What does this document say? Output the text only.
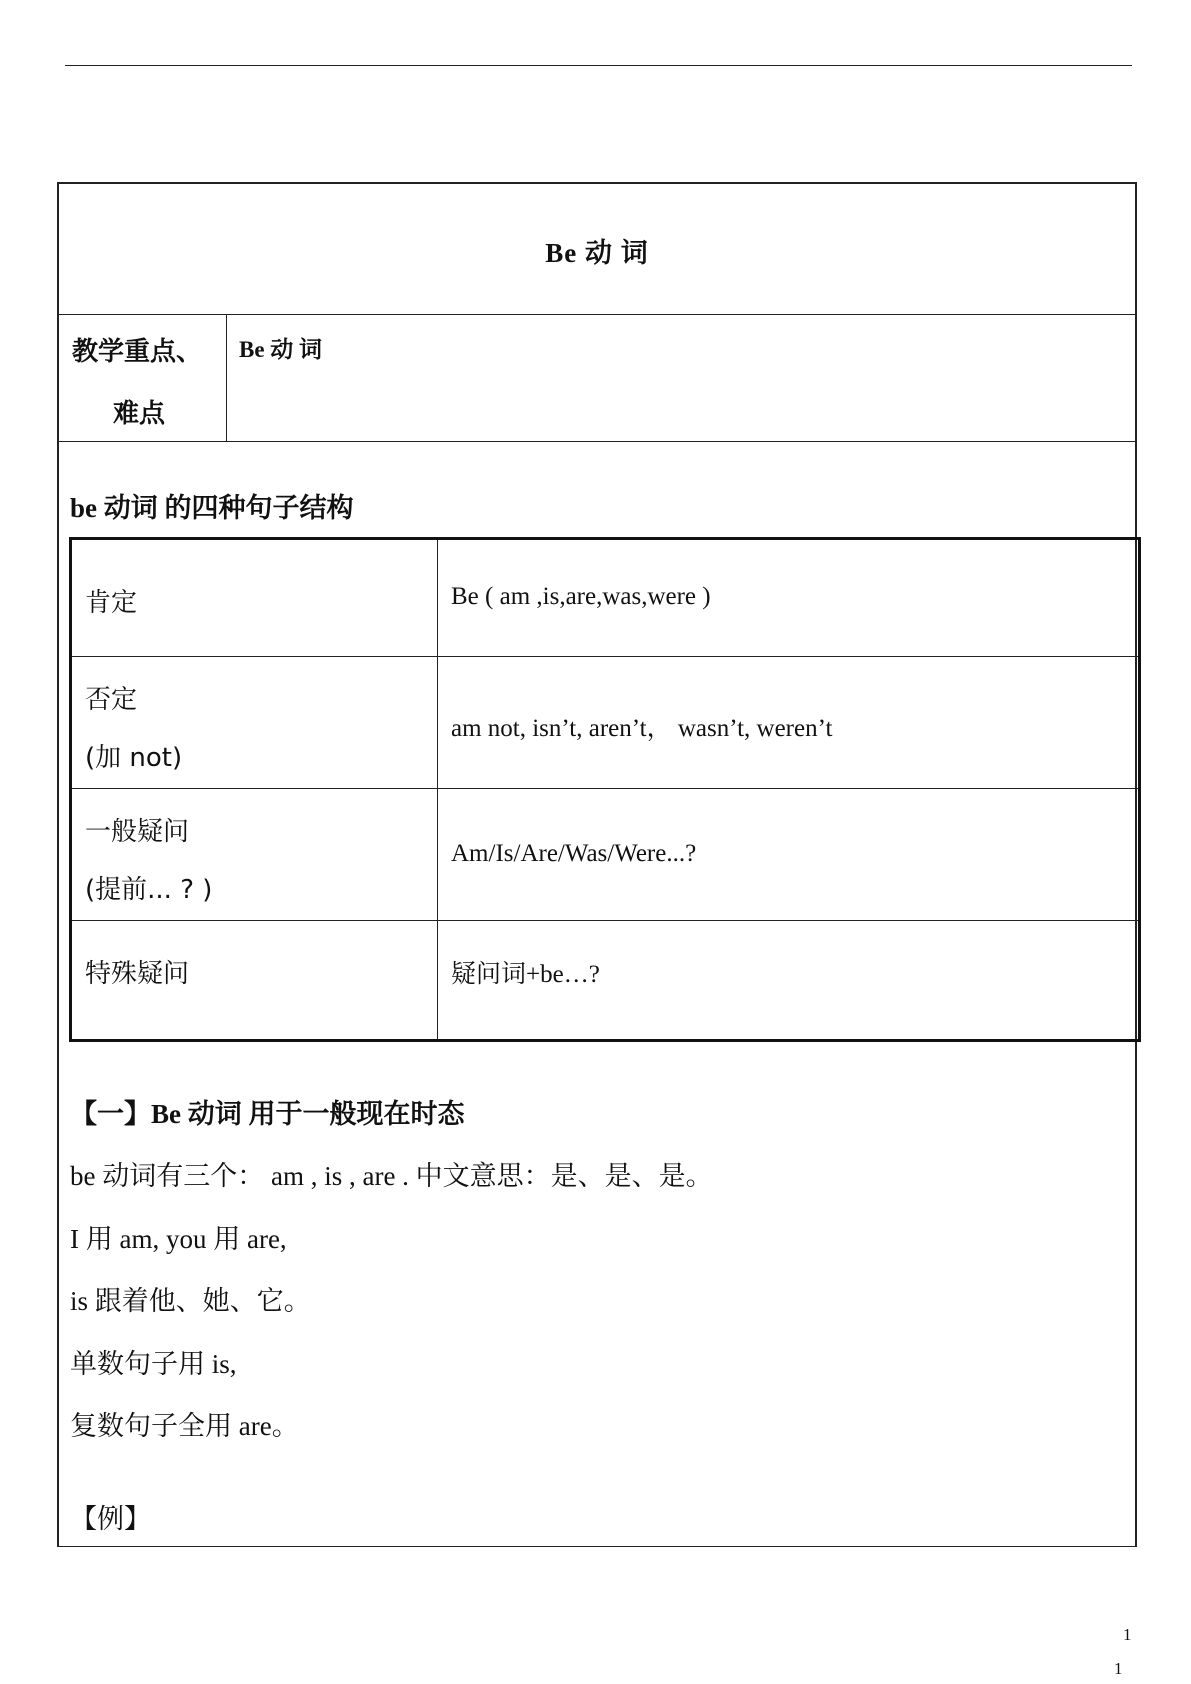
Be 动 词
教学重点、
难点
Be 动 词
be 动词 的四种句子结构
肯定	Be ( am ,is,are,was,were )
否定
(加 not)
am not, isn’t, aren’t， wasn’t, weren’t
一般疑问
(提前... ? )
Am/Is/Are/Was/Were...?
特殊疑问	疑问词+be…?
【一】Be 动词 用于一般现在时态
be 动词有三个： am , is , are . 中文意思：是、是、是。
I 用 am, you 用 are,
is 跟着他、她、它。
单数句子用 is,
复数句子全用 are。
【例】
1
1
